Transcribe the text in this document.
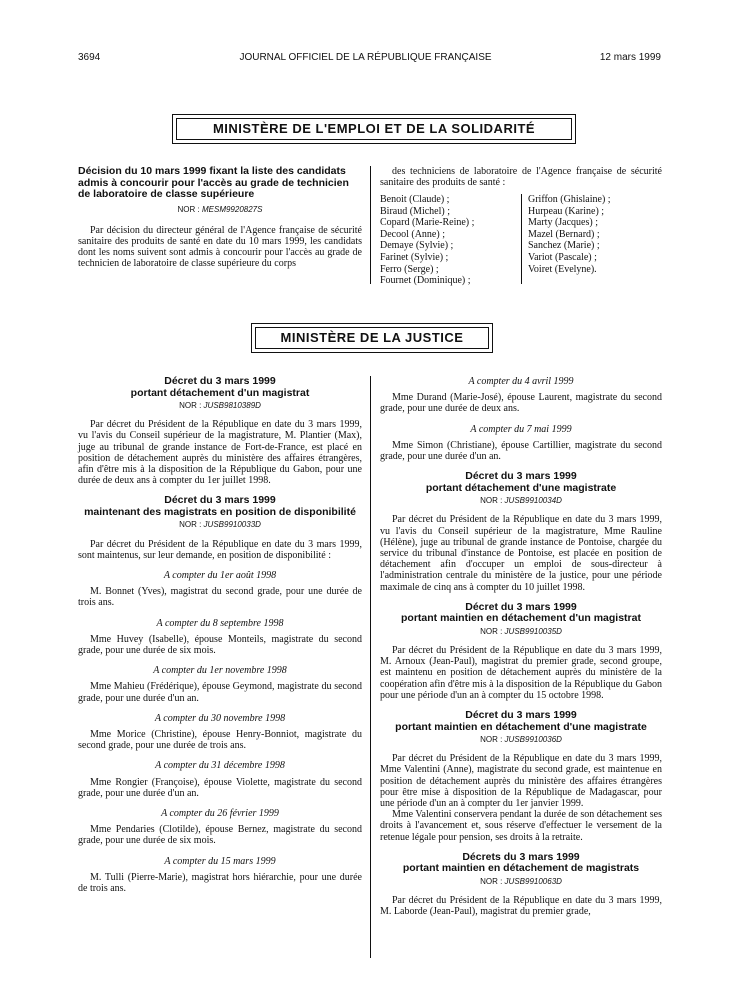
3694	JOURNAL OFFICIEL DE LA RÉPUBLIQUE FRANÇAISE	12 mars 1999
MINISTÈRE DE L'EMPLOI ET DE LA SOLIDARITÉ
Décision du 10 mars 1999 fixant la liste des candidats admis à concourir pour l'accès au grade de technicien de laboratoire de classe supérieure
NOR : MESM9920827S

Par décision du directeur général de l'Agence française de sécurité sanitaire des produits de santé en date du 10 mars 1999, les candidats dont les noms suivent sont admis à concourir pour l'accès au grade de technicien de laboratoire de classe supérieure du corps

des techniciens de laboratoire de l'Agence française de sécurité sanitaire des produits de santé :

Benoit (Claude) ;
Biraud (Michel) ;
Copard (Marie-Reine) ;
Decool (Anne) ;
Demaye (Sylvie) ;
Farinet (Sylvie) ;
Ferro (Serge) ;
Fournet (Dominique) ;
Griffon (Ghislaine) ;
Hurpeau (Karine) ;
Marty (Jacques) ;
Mazel (Bernard) ;
Sanchez (Marie) ;
Variot (Pascale) ;
Voiret (Evelyne).
MINISTÈRE DE LA JUSTICE
Décret du 3 mars 1999
portant détachement d'un magistrat
NOR : JUSB9810389D

Par décret du Président de la République en date du 3 mars 1999, vu l'avis du Conseil supérieur de la magistrature, M. Plantier (Max), juge au tribunal de grande instance de Fort-de-France, est placé en position de détachement auprès du ministère des affaires étrangères, afin d'être mis à la disposition de la République du Gabon, pour une durée de deux ans à compter du 1er juillet 1998.

Décret du 3 mars 1999
maintenant des magistrats en position de disponibilité
NOR : JUSB9910033D

Par décret du Président de la République en date du 3 mars 1999, sont maintenus, sur leur demande, en position de disponibilité :

A compter du 1er août 1998

M. Bonnet (Yves), magistrat du second grade, pour une durée de trois ans.

A compter du 8 septembre 1998

Mme Huvey (Isabelle), épouse Monteils, magistrate du second grade, pour une durée de six mois.

A compter du 1er novembre 1998

Mme Mahieu (Frédérique), épouse Geymond, magistrate du second grade, pour une durée d'un an.

A compter du 30 novembre 1998

Mme Morice (Christine), épouse Henry-Bonniot, magistrate du second grade, pour une durée de trois ans.

A compter du 31 décembre 1998

Mme Rongier (Françoise), épouse Violette, magistrate du second grade, pour une durée d'un an.

A compter du 26 février 1999

Mme Pendaries (Clotilde), épouse Bernez, magistrate du second grade, pour une durée de six mois.

A compter du 15 mars 1999

M. Tulli (Pierre-Marie), magistrat hors hiérarchie, pour une durée de trois ans.

A compter du 4 avril 1999

Mme Durand (Marie-José), épouse Laurent, magistrate du second grade, pour une durée de deux ans.

A compter du 7 mai 1999

Mme Simon (Christiane), épouse Cartillier, magistrate du second grade, pour une durée d'un an.

Décret du 3 mars 1999
portant détachement d'une magistrate
NOR : JUSB9910034D

Par décret du Président de la République en date du 3 mars 1999, vu l'avis du Conseil supérieur de la magistrature, Mme Rauline (Hélène), juge au tribunal de grande instance de Pontoise, chargée du service du tribunal d'instance de Pontoise, est placée en position de détachement afin d'occuper un emploi de sous-directeur à l'administration centrale du ministère de la justice, pour une période maximale de cinq ans à compter du 10 juillet 1998.

Décret du 3 mars 1999
portant maintien en détachement d'un magistrat
NOR : JUSB9910035D

Par décret du Président de la République en date du 3 mars 1999, M. Arnoux (Jean-Paul), magistrat du premier grade, second groupe, est maintenu en position de détachement auprès du ministère de la coopération afin d'être mis à la disposition de la République du Gabon pour une période d'un an à compter du 15 octobre 1998.

Décret du 3 mars 1999
portant maintien en détachement d'une magistrate
NOR : JUSB9910036D

Par décret du Président de la République en date du 3 mars 1999, Mme Valentini (Anne), magistrate du second grade, est maintenue en position de détachement auprès du ministère des affaires étrangères pour être mise à disposition de la République de Madagascar, pour une période d'un an à compter du 1er janvier 1999.

Mme Valentini conservera pendant la durée de son détachement ses droits à l'avancement et, sous réserve d'effectuer le versement de la retenue légale pour pension, ses droits à la retraite.

Décrets du 3 mars 1999
portant maintien en détachement de magistrats
NOR : JUSB9910063D

Par décret du Président de la République en date du 3 mars 1999, M. Laborde (Jean-Paul), magistrat du premier grade,
